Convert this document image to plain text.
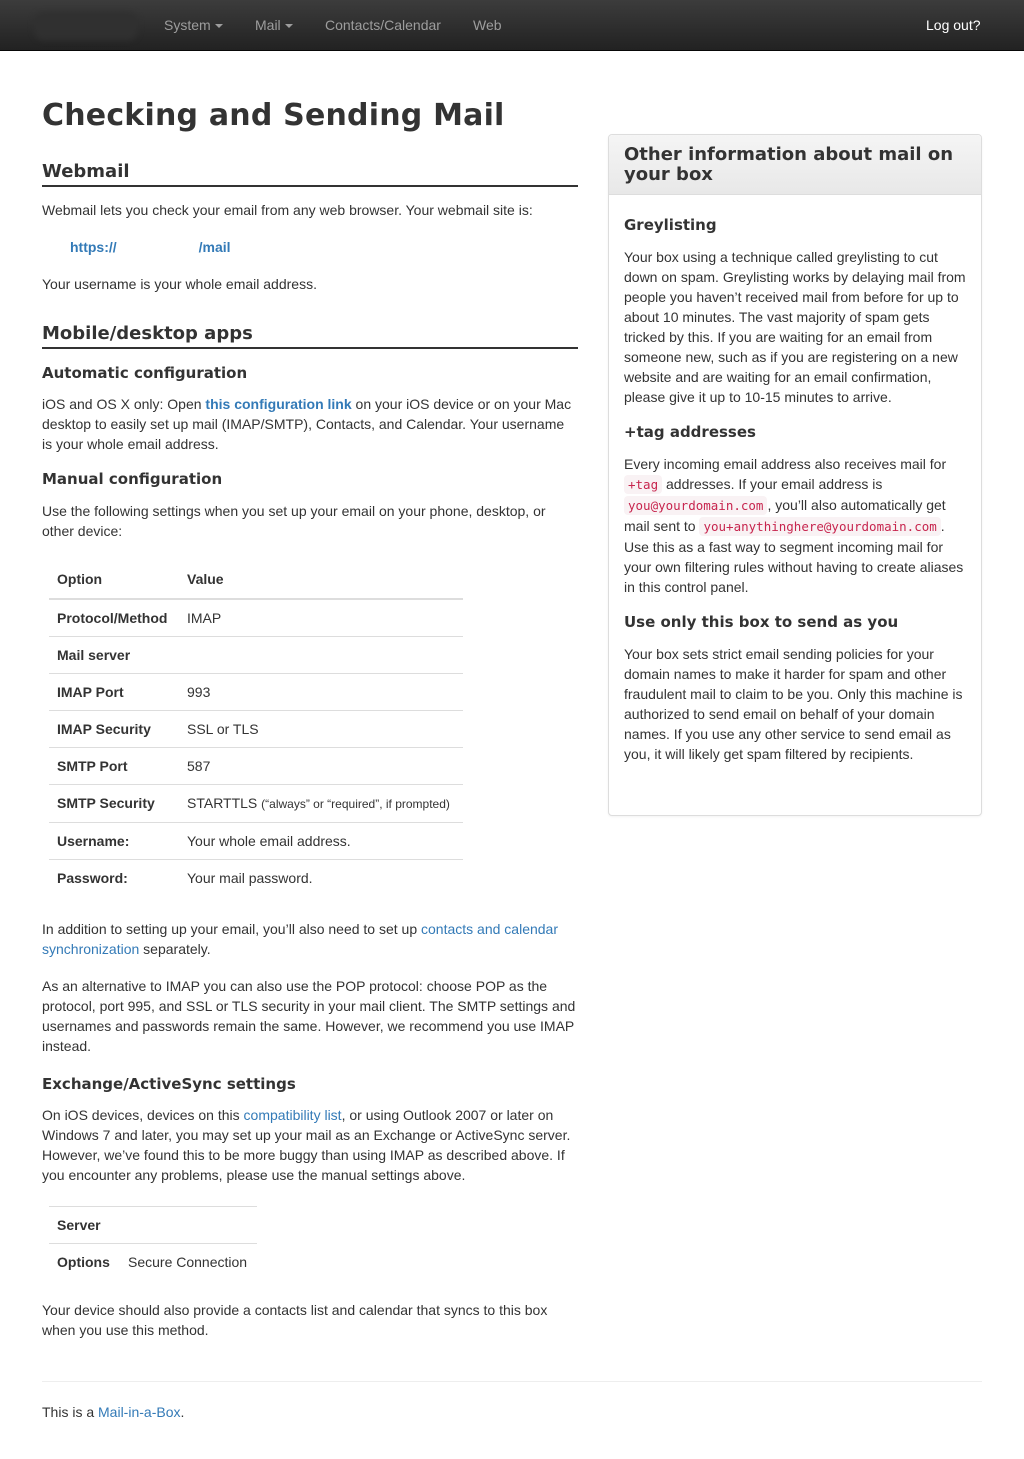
System	Mail	Contacts/Calendar Web	Log out?
Checking and Sending Mail
Webmail

Webmail lets you check your email from any web browser. Your webmail site is:

https://	/mail

Your username is your whole email address.

Mobile/desktop apps
Automatic configuration

iOS and OS X only: Open this configuration link on your iOS device or on your Mac desktop to easily set up mail (IMAP/SMTP), Contacts, and Calendar. Your username is your whole email address.

Manual configuration

Use the following settings when you set up your email on your phone, desktop, or other device:

Option	Value
Protocol/Method	IMAP
Mail server	
IMAP Port	993
IMAP Security	SSL or TLS
SMTP Port	587
SMTP Security	STARTTLS (“always” or “required”, if prompted)
Username:	Your whole email address.
Password:	Your mail password.

In addition to setting up your email, you’ll also need to set up contacts and calendar synchronization separately.

As an alternative to IMAP you can also use the POP protocol: choose POP as the protocol, port 995, and SSL or TLS security in your mail client. The SMTP settings and usernames and passwords remain the same. However, we recommend you use IMAP instead.

Exchange/ActiveSync settings

On iOS devices, devices on this compatibility list, or using Outlook 2007 or later on Windows 7 and later, you may set up your mail as an Exchange or ActiveSync server. However, we’ve found this to be more buggy than using IMAP as described above. If you encounter any problems, please use the manual settings above.

Server	
Options	Secure Connection

Your device should also provide a contacts list and calendar that syncs to this box when you use this method.

Other information about mail on your box
Greylisting

Your box using a technique called greylisting to cut down on spam. Greylisting works by delaying mail from people you haven’t received mail from before for up to about 10 minutes. The vast majority of spam gets tricked by this. If you are waiting for an email from someone new, such as if you are registering on a new website and are waiting for an email confirmation, please give it up to 10-15 minutes to arrive.

+tag addresses

Every incoming email address also receives mail for +tag addresses. If your email address is you@yourdomain.com , you’ll also automatically get mail sent to you+anythinghere@yourdomain.com . Use this as a fast way to segment incoming mail for your own filtering rules without having to create aliases in this control panel.

Use only this box to send as you

Your box sets strict email sending policies for your domain names to make it harder for spam and other fraudulent mail to claim to be you. Only this machine is authorized to send email on behalf of your domain names. If you use any other service to send email as you, it will likely get spam filtered by recipients.

This is a Mail-in-a-Box.
